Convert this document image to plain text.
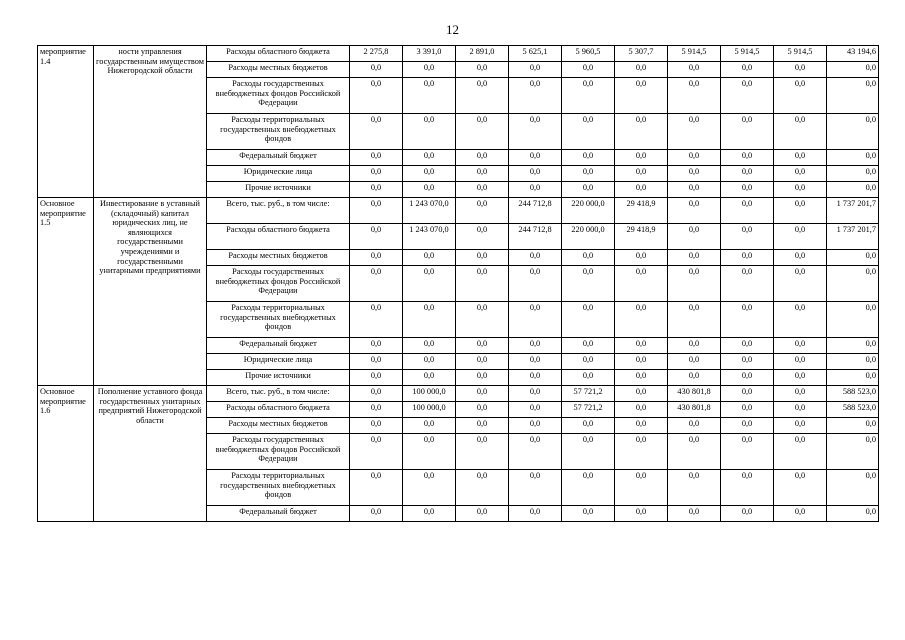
12
мероприятие 1.4	ности управления государственным имуществом Нижегородской области	Расходы областного бюджета	2 275,8	3 391,0	2 891,0	5 625,1	5 960,5	5 307,7	5 914,5	5 914,5	5 914,5	43 194,6
		Расходы местных бюджетов	0,0	0,0	0,0	0,0	0,0	0,0	0,0	0,0	0,0	0,0
		Расходы государственных внебюджетных фондов Российской Федерации	0,0	0,0	0,0	0,0	0,0	0,0	0,0	0,0	0,0	0,0
		Расходы территориальных государственных внебюджетных фондов	0,0	0,0	0,0	0,0	0,0	0,0	0,0	0,0	0,0	0,0
		Федеральный бюджет	0,0	0,0	0,0	0,0	0,0	0,0	0,0	0,0	0,0	0,0
		Юридические лица	0,0	0,0	0,0	0,0	0,0	0,0	0,0	0,0	0,0	0,0
		Прочие источники	0,0	0,0	0,0	0,0	0,0	0,0	0,0	0,0	0,0	0,0
Основное мероприятие 1.5	Инвестирование в уставный (складочный) капитал юридических лиц, не являющихся государственными учреждениями и государственными унитарными предприятиями	Всего, тыс. руб., в том числе:	0,0	1 243 070,0	0,0	244 712,8	220 000,0	29 418,9	0,0	0,0	0,0	1 737 201,7
		Расходы областного бюджета	0,0	1 243 070,0	0,0	244 712,8	220 000,0	29 418,9	0,0	0,0	0,0	1 737 201,7
		Расходы местных бюджетов	0,0	0,0	0,0	0,0	0,0	0,0	0,0	0,0	0,0	0,0
		Расходы государственных внебюджетных фондов Российской Федерации	0,0	0,0	0,0	0,0	0,0	0,0	0,0	0,0	0,0	0,0
		Расходы территориальных государственных внебюджетных фондов	0,0	0,0	0,0	0,0	0,0	0,0	0,0	0,0	0,0	0,0
		Федеральный бюджет	0,0	0,0	0,0	0,0	0,0	0,0	0,0	0,0	0,0	0,0
		Юридические лица	0,0	0,0	0,0	0,0	0,0	0,0	0,0	0,0	0,0	0,0
		Прочие источники	0,0	0,0	0,0	0,0	0,0	0,0	0,0	0,0	0,0	0,0
Основное мероприятие 1.6	Пополнение уставного фонда государственных унитарных предприятий Нижегородской области	Всего, тыс. руб., в том числе:	0,0	100 000,0	0,0	0,0	57 721,2	0,0	430 801,8	0,0	0,0	588 523,0
		Расходы областного бюджета	0,0	100 000,0	0,0	0,0	57 721,2	0,0	430 801,8	0,0	0,0	588 523,0
		Расходы местных бюджетов	0,0	0,0	0,0	0,0	0,0	0,0	0,0	0,0	0,0	0,0
		Расходы государственных внебюджетных фондов Российской Федерации	0,0	0,0	0,0	0,0	0,0	0,0	0,0	0,0	0,0	0,0
		Расходы территориальных государственных внебюджетных фондов	0,0	0,0	0,0	0,0	0,0	0,0	0,0	0,0	0,0	0,0
		Федеральный бюджет	0,0	0,0	0,0	0,0	0,0	0,0	0,0	0,0	0,0	0,0
